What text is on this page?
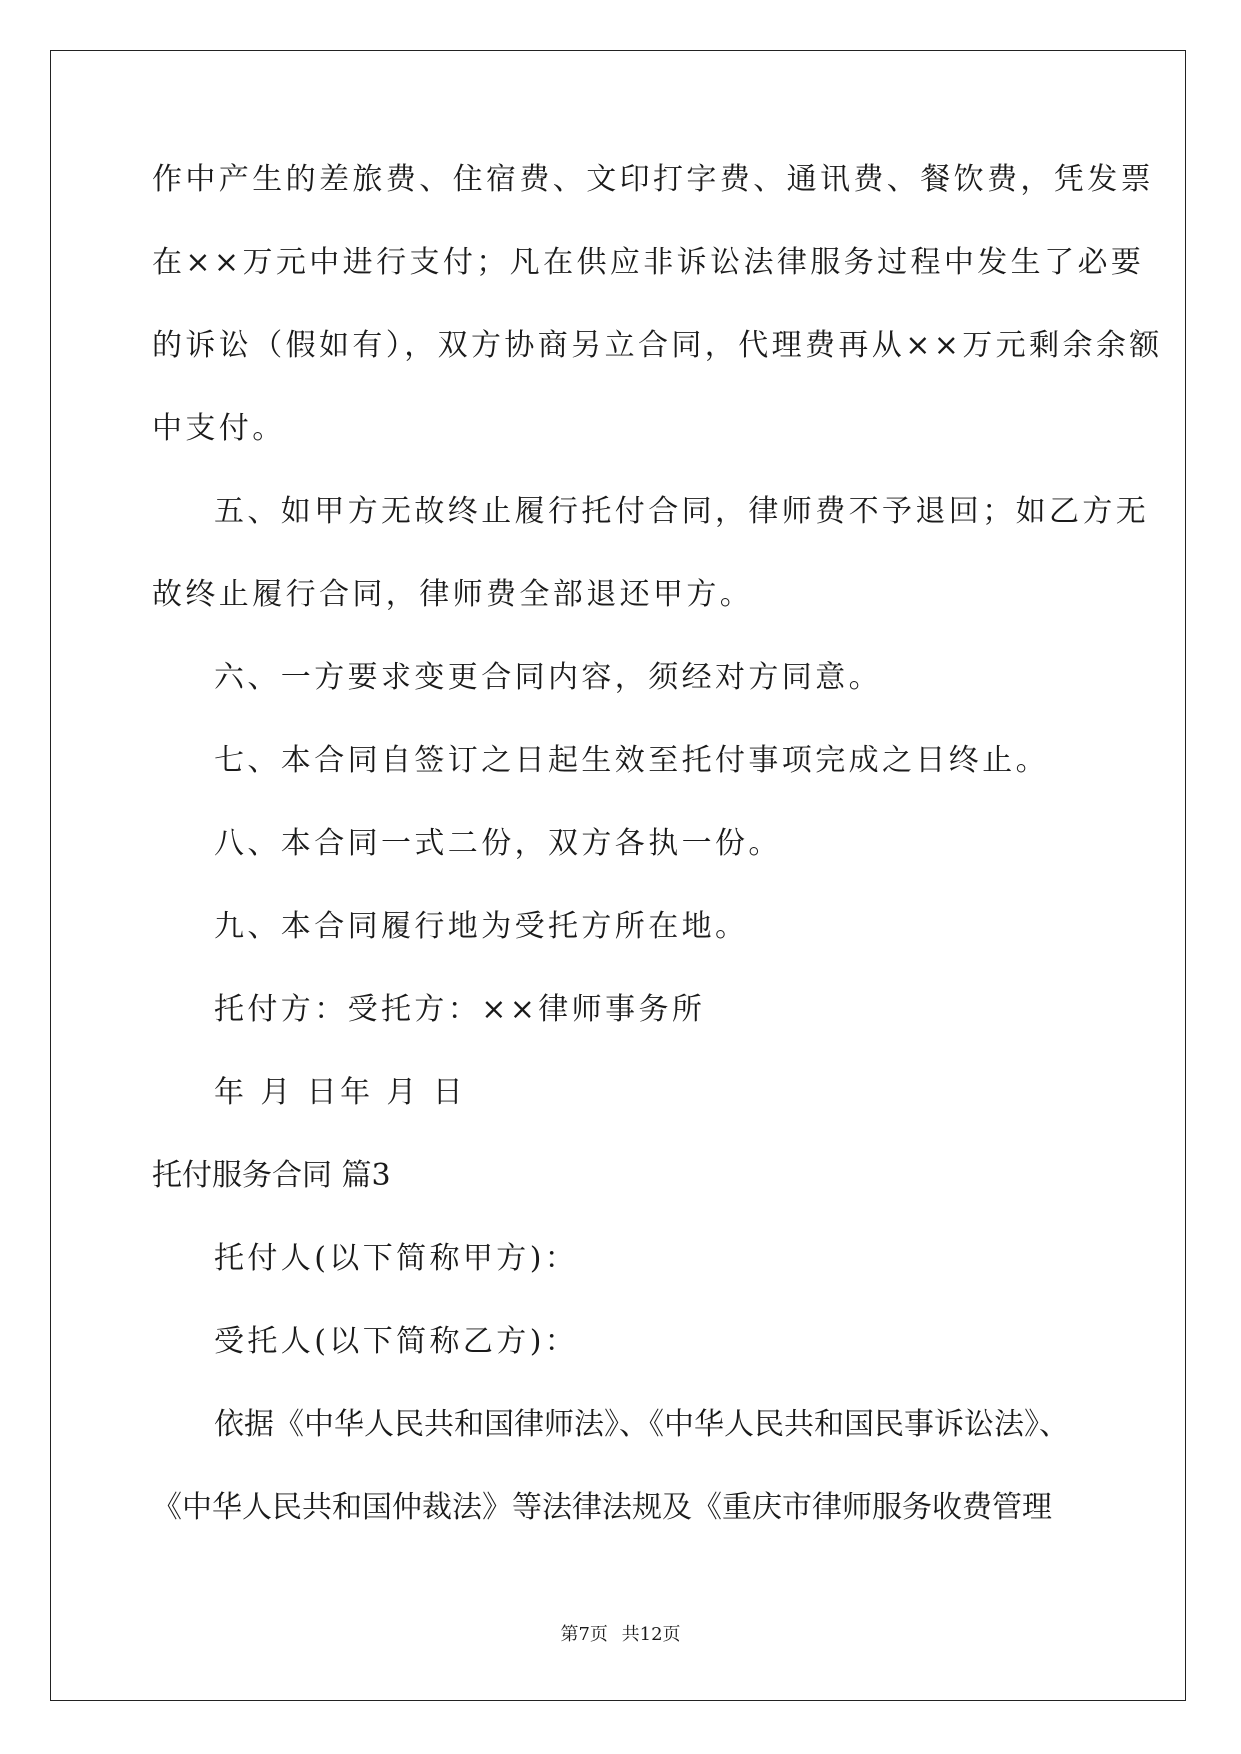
作中产生的差旅费、住宿费、文印打字费、通讯费、餐饮费，凭发票
在××万元中进行支付；凡在供应非诉讼法律服务过程中发生了必要
的诉讼（假如有），双方协商另立合同，代理费再从××万元剩余余额
中支付。
五、如甲方无故终止履行托付合同，律师费不予退回；如乙方无
故终止履行合同，律师费全部退还甲方。
六、一方要求变更合同内容，须经对方同意。
七、本合同自签订之日起生效至托付事项完成之日终止。
八、本合同一式二份，双方各执一份。
九、本合同履行地为受托方所在地。
托付方：受托方：××律师事务所
年 月 日年 月 日
托付服务合同 篇3
托付人(以下简称甲方)：
受托人(以下简称乙方)：
依据《中华人民共和国律师法》、《中华人民共和国民事诉讼法》、
《中华人民共和国仲裁法》等法律法规及《重庆市律师服务收费管理
第7页 共12页
